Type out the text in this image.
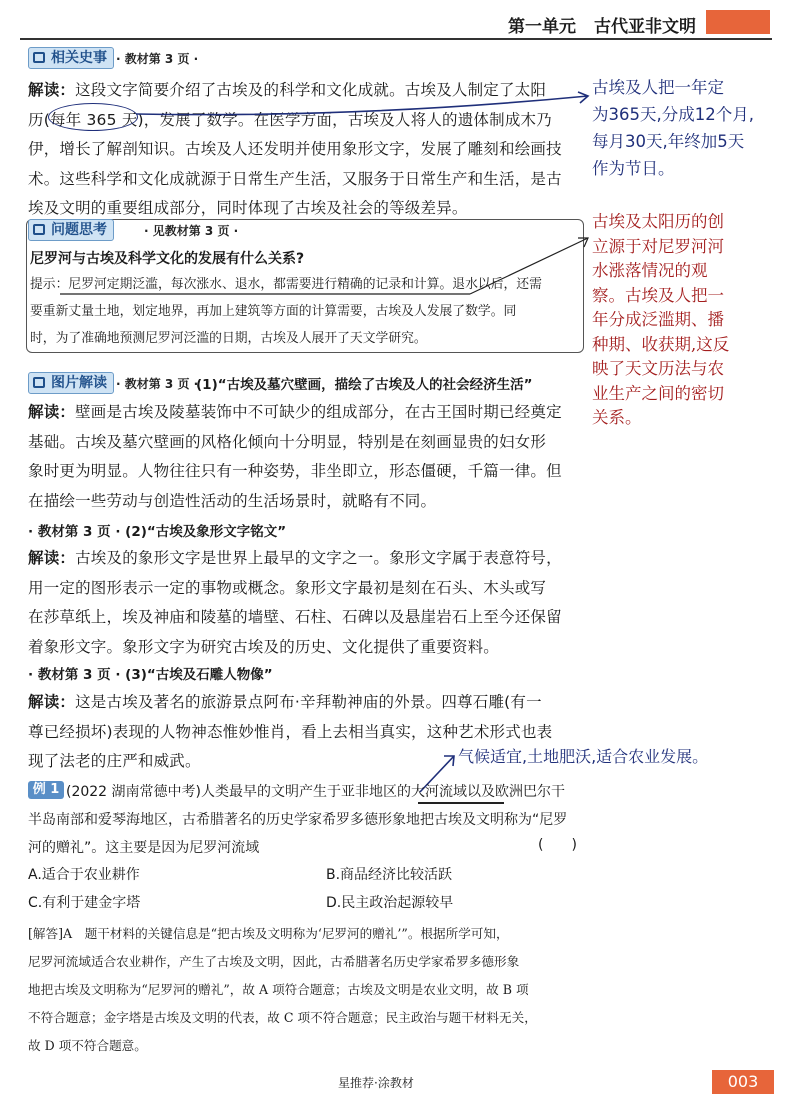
第一单元 古代亚非文明
相关史事 · 教材第 3 页 ·
解读：这段文字简要介绍了古埃及的科学和文化成就。古埃及人制定了太阳
历(每年 365 天)，发展了数学。在医学方面，古埃及人将人的遗体制成木乃
伊，增长了解剖知识。古埃及人还发明并使用象形文字，发展了雕刻和绘画技
术。这些科学和文化成就源于日常生产生活，又服务于日常生产和生活，是古
埃及文明的重要组成部分，同时体现了古埃及社会的等级差异。
古埃及人把一年定
为365天,分成12个月,
每月30天,年终加5天
作为节日。
问题思考	· 见教材第 3 页 ·
尼罗河与古埃及科学文化的发展有什么关系?
提示：尼罗河定期泛滥，每次涨水、退水，都需要进行精确的记录和计算。退水以后，还需
要重新丈量土地，划定地界，再加上建筑等方面的计算需要，古埃及人发展了数学。同
时，为了准确地预测尼罗河泛滥的日期，古埃及人展开了天文学研究。
古埃及太阳历的创
立源于对尼罗河河
水涨落情况的观
察。古埃及人把一
年分成泛滥期、播
种期、收获期,这反
映了天文历法与农
业生产之间的密切
关系。
图片解读 · 教材第 3 页 ·
(1)“古埃及墓穴壁画，描绘了古埃及人的社会经济生活”
解读：壁画是古埃及陵墓装饰中不可缺少的组成部分，在古王国时期已经奠定
基础。古埃及墓穴壁画的风格化倾向十分明显，特别是在刻画显贵的妇女形
象时更为明显。人物往往只有一种姿势，非坐即立，形态僵硬，千篇一律。但
在描绘一些劳动与创造性活动的生活场景时，就略有不同。
· 教材第 3 页 · (2)“古埃及象形文字铭文”
解读：古埃及的象形文字是世界上最早的文字之一。象形文字属于表意符号，
用一定的图形表示一定的事物或概念。象形文字最初是刻在石头、木头或写
在莎草纸上，埃及神庙和陵墓的墙壁、石柱、石碑以及悬崖岩石上至今还保留
着象形文字。象形文字为研究古埃及的历史、文化提供了重要资料。
· 教材第 3 页 · (3)“古埃及石雕人物像”
解读：这是古埃及著名的旅游景点阿布·辛拜勒神庙的外景。四尊石雕(有一
尊已经损坏)表现的人物神态惟妙惟肖，看上去相当真实，这种艺术形式也表
现了法老的庄严和威武。	气候适宜,土地肥沃,适合农业发展。
例 1 (2022 湖南常德中考)人类最早的文明产生于亚非地区的大河流域以及欧洲巴尔干
半岛南部和爱琴海地区，古希腊著名的历史学家希罗多德形象地把古埃及文明称为“尼罗
河的赠礼”。这主要是因为尼罗河流域	(　　)
A.适合于农业耕作	B.商品经济比较活跃
C.有利于建金字塔	D.民主政治起源较早
[解答]A　题干材料的关键信息是“把古埃及文明称为‘尼罗河的赠礼’”。根据所学可知，
尼罗河流域适合农业耕作，产生了古埃及文明，因此，古希腊著名历史学家希罗多德形象
地把古埃及文明称为“尼罗河的赠礼”，故 A 项符合题意；古埃及文明是农业文明，故 B 项
不符合题意；金字塔是古埃及文明的代表，故 C 项不符合题意；民主政治与题干材料无关，
故 D 项不符合题意。
星推荐·涂教材	003
